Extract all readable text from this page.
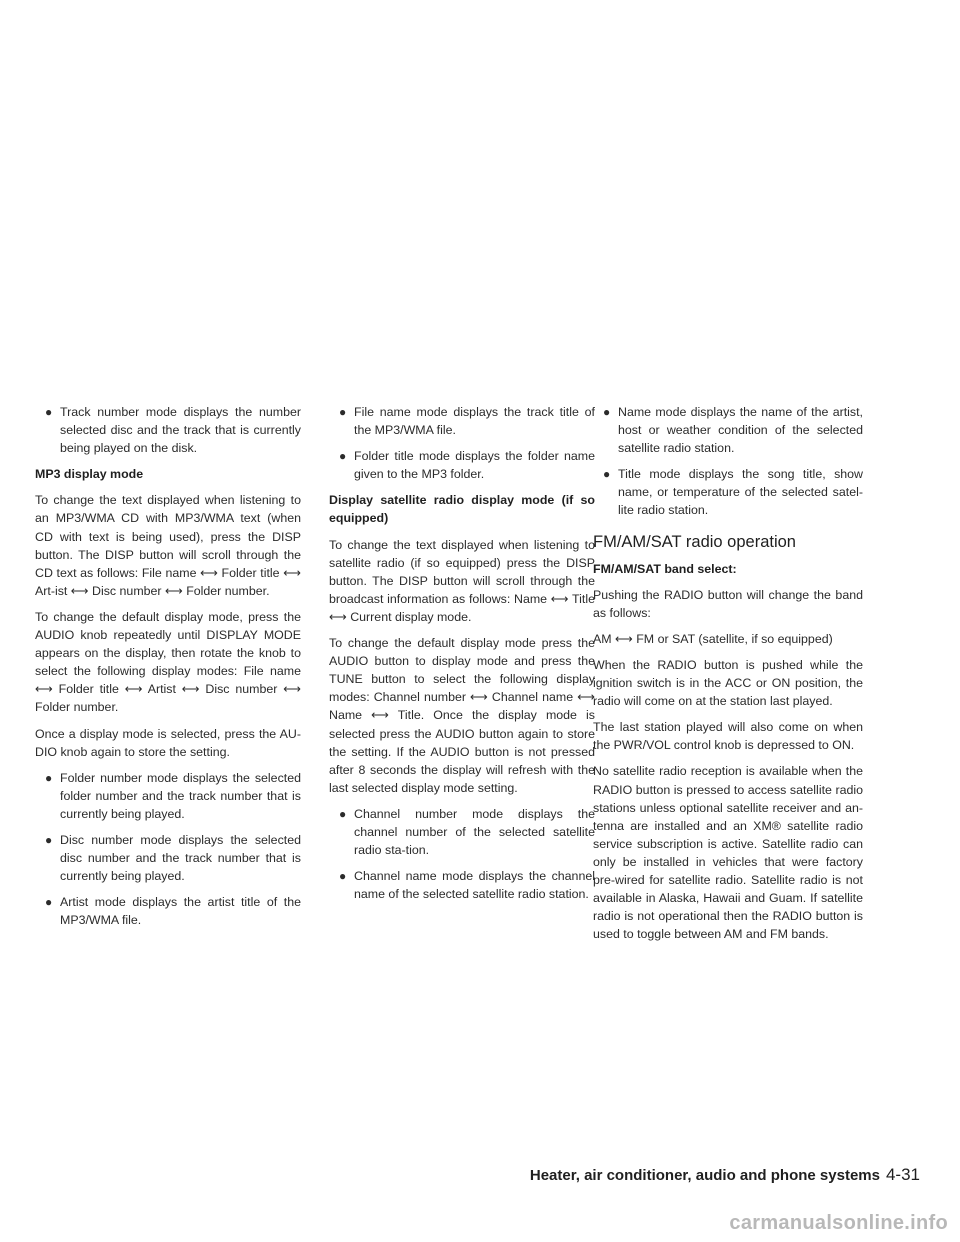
● Track number mode displays the number selected disc and the track that is currently being played on the disk.
MP3 display mode

To change the text displayed when listening to an MP3/WMA CD with MP3/WMA text (when CD with text is being used), press the DISP button. The DISP button will scroll through the CD text as follows: File name ⟷ Folder title ⟷ Art-ist ⟷ Disc number ⟷ Folder number.

To change the default display mode, press the AUDIO knob repeatedly until DISPLAY MODE appears on the display, then rotate the knob to select the following display modes: File name ⟷ Folder title ⟷ Artist ⟷ Disc number ⟷ Folder number.

Once a display mode is selected, press the AU-DIO knob again to store the setting.

● Folder number mode displays the selected folder number and the track number that is currently being played.
● Disc number mode displays the selected disc number and the track number that is currently being played.
● Artist mode displays the artist title of the MP3/WMA file.
● File name mode displays the track title of the MP3/WMA file.
● Folder title mode displays the folder name given to the MP3 folder.
Display satellite radio display mode (if so equipped)

To change the text displayed when listening to satellite radio (if so equipped) press the DISP button. The DISP button will scroll through the broadcast information as follows: Name ⟷ Title ⟷ Current display mode.

To change the default display mode press the AUDIO button to display mode and press the TUNE button to select the following display modes: Channel number ⟷ Channel name ⟷ Name ⟷ Title. Once the display mode is selected press the AUDIO button again to store the setting. If the AUDIO button is not pressed after 8 seconds the display will refresh with the last selected display mode setting.

● Channel number mode displays the channel number of the selected satellite radio sta-tion.
● Channel name mode displays the channel name of the selected satellite radio station.
● Name mode displays the name of the artist, host or weather condition of the selected satellite radio station.
● Title mode displays the song title, show name, or temperature of the selected satel-lite radio station.
FM/AM/SAT radio operation
FM/AM/SAT band select:

Pushing the RADIO button will change the band as follows:

AM ⟷ FM or SAT (satellite, if so equipped)

When the RADIO button is pushed while the ignition switch is in the ACC or ON position, the radio will come on at the station last played.

The last station played will also come on when the PWR/VOL control knob is depressed to ON.

No satellite radio reception is available when the RADIO button is pressed to access satellite radio stations unless optional satellite receiver and an-tenna are installed and an XM® satellite radio service subscription is active. Satellite radio can only be installed in vehicles that were factory pre-wired for satellite radio. Satellite radio is not available in Alaska, Hawaii and Guam. If satellite radio is not operational then the RADIO button is used to toggle between AM and FM bands.

Heater, air conditioner, audio and phone systems 4-31
carmanualsonline.info
